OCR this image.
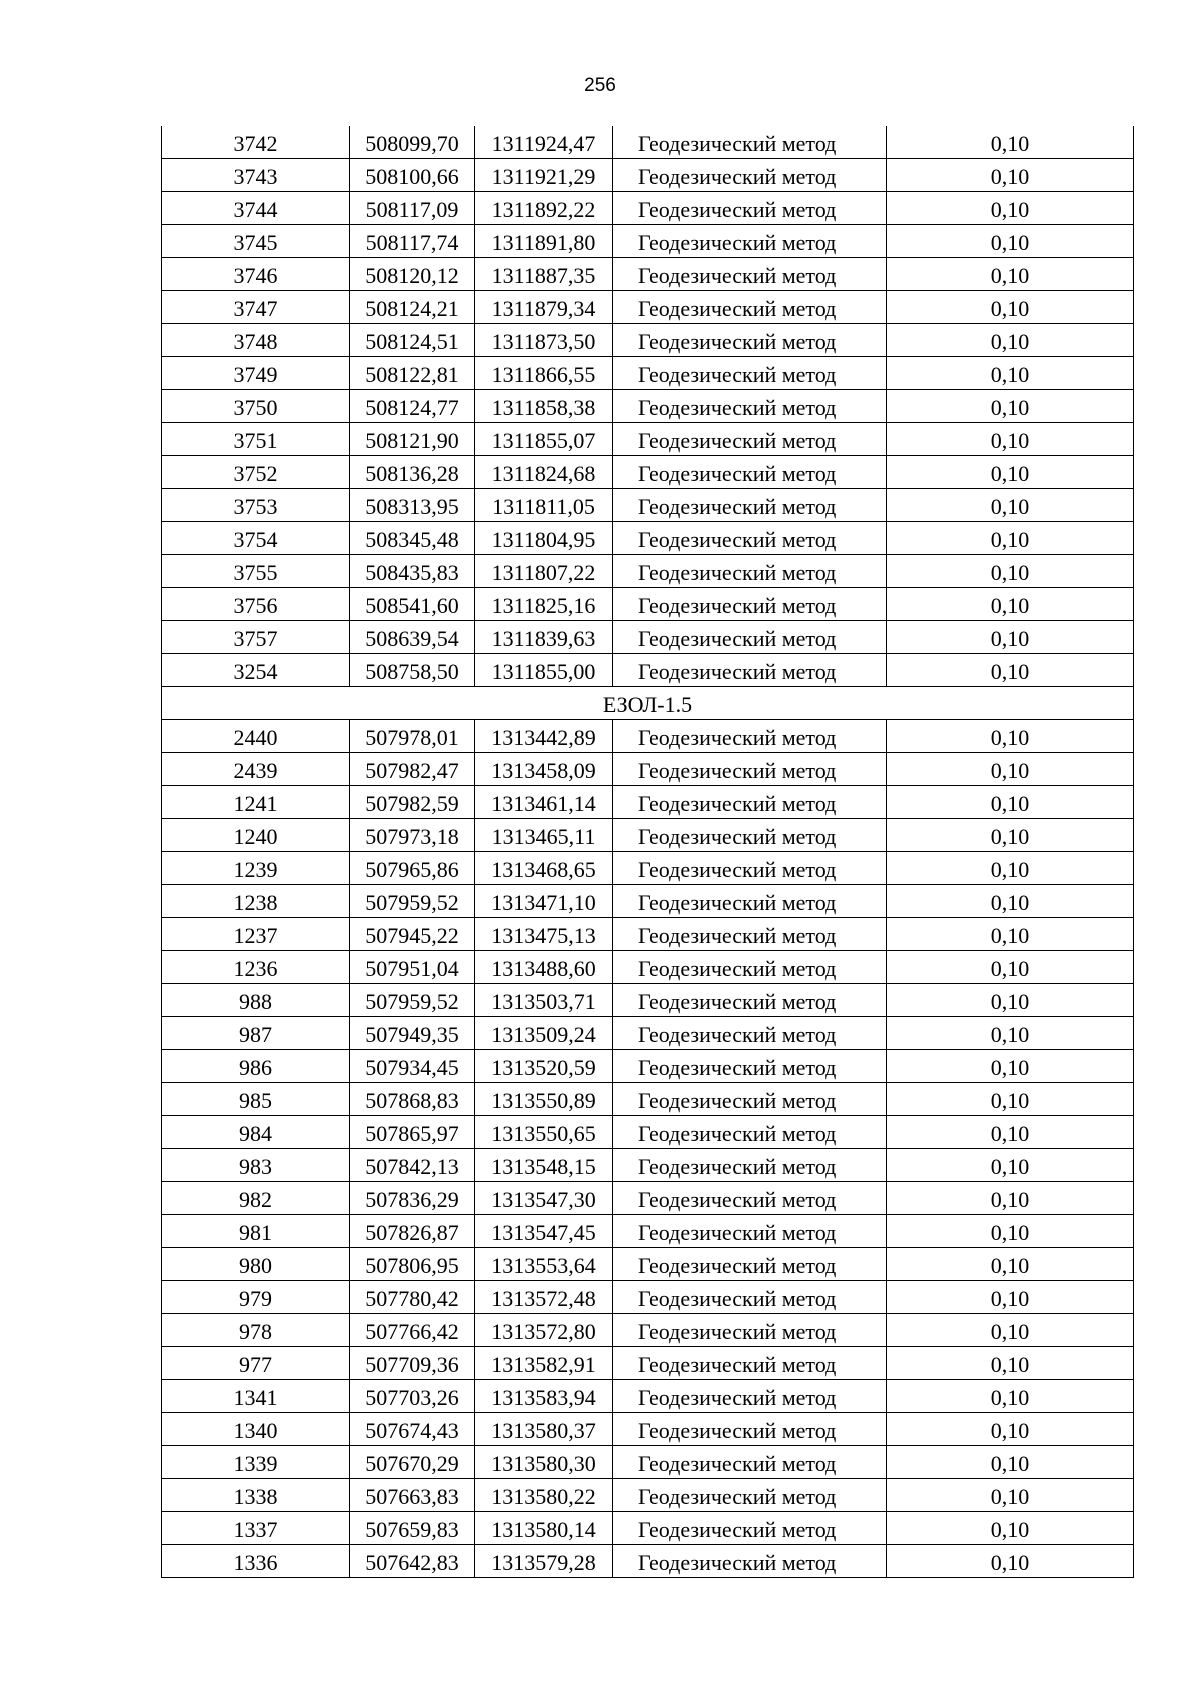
256
3742	508099,70	1311924,47	Геодезический метод	0,10
3743	508100,66	1311921,29	Геодезический метод	0,10
3744	508117,09	1311892,22	Геодезический метод	0,10
3745	508117,74	1311891,80	Геодезический метод	0,10
3746	508120,12	1311887,35	Геодезический метод	0,10
3747	508124,21	1311879,34	Геодезический метод	0,10
3748	508124,51	1311873,50	Геодезический метод	0,10
3749	508122,81	1311866,55	Геодезический метод	0,10
3750	508124,77	1311858,38	Геодезический метод	0,10
3751	508121,90	1311855,07	Геодезический метод	0,10
3752	508136,28	1311824,68	Геодезический метод	0,10
3753	508313,95	1311811,05	Геодезический метод	0,10
3754	508345,48	1311804,95	Геодезический метод	0,10
3755	508435,83	1311807,22	Геодезический метод	0,10
3756	508541,60	1311825,16	Геодезический метод	0,10
3757	508639,54	1311839,63	Геодезический метод	0,10
3254	508758,50	1311855,00	Геодезический метод	0,10
ЕЗОЛ-1.5				
2440	507978,01	1313442,89	Геодезический метод	0,10
2439	507982,47	1313458,09	Геодезический метод	0,10
1241	507982,59	1313461,14	Геодезический метод	0,10
1240	507973,18	1313465,11	Геодезический метод	0,10
1239	507965,86	1313468,65	Геодезический метод	0,10
1238	507959,52	1313471,10	Геодезический метод	0,10
1237	507945,22	1313475,13	Геодезический метод	0,10
1236	507951,04	1313488,60	Геодезический метод	0,10
988	507959,52	1313503,71	Геодезический метод	0,10
987	507949,35	1313509,24	Геодезический метод	0,10
986	507934,45	1313520,59	Геодезический метод	0,10
985	507868,83	1313550,89	Геодезический метод	0,10
984	507865,97	1313550,65	Геодезический метод	0,10
983	507842,13	1313548,15	Геодезический метод	0,10
982	507836,29	1313547,30	Геодезический метод	0,10
981	507826,87	1313547,45	Геодезический метод	0,10
980	507806,95	1313553,64	Геодезический метод	0,10
979	507780,42	1313572,48	Геодезический метод	0,10
978	507766,42	1313572,80	Геодезический метод	0,10
977	507709,36	1313582,91	Геодезический метод	0,10
1341	507703,26	1313583,94	Геодезический метод	0,10
1340	507674,43	1313580,37	Геодезический метод	0,10
1339	507670,29	1313580,30	Геодезический метод	0,10
1338	507663,83	1313580,22	Геодезический метод	0,10
1337	507659,83	1313580,14	Геодезический метод	0,10
1336	507642,83	1313579,28	Геодезический метод	0,10
